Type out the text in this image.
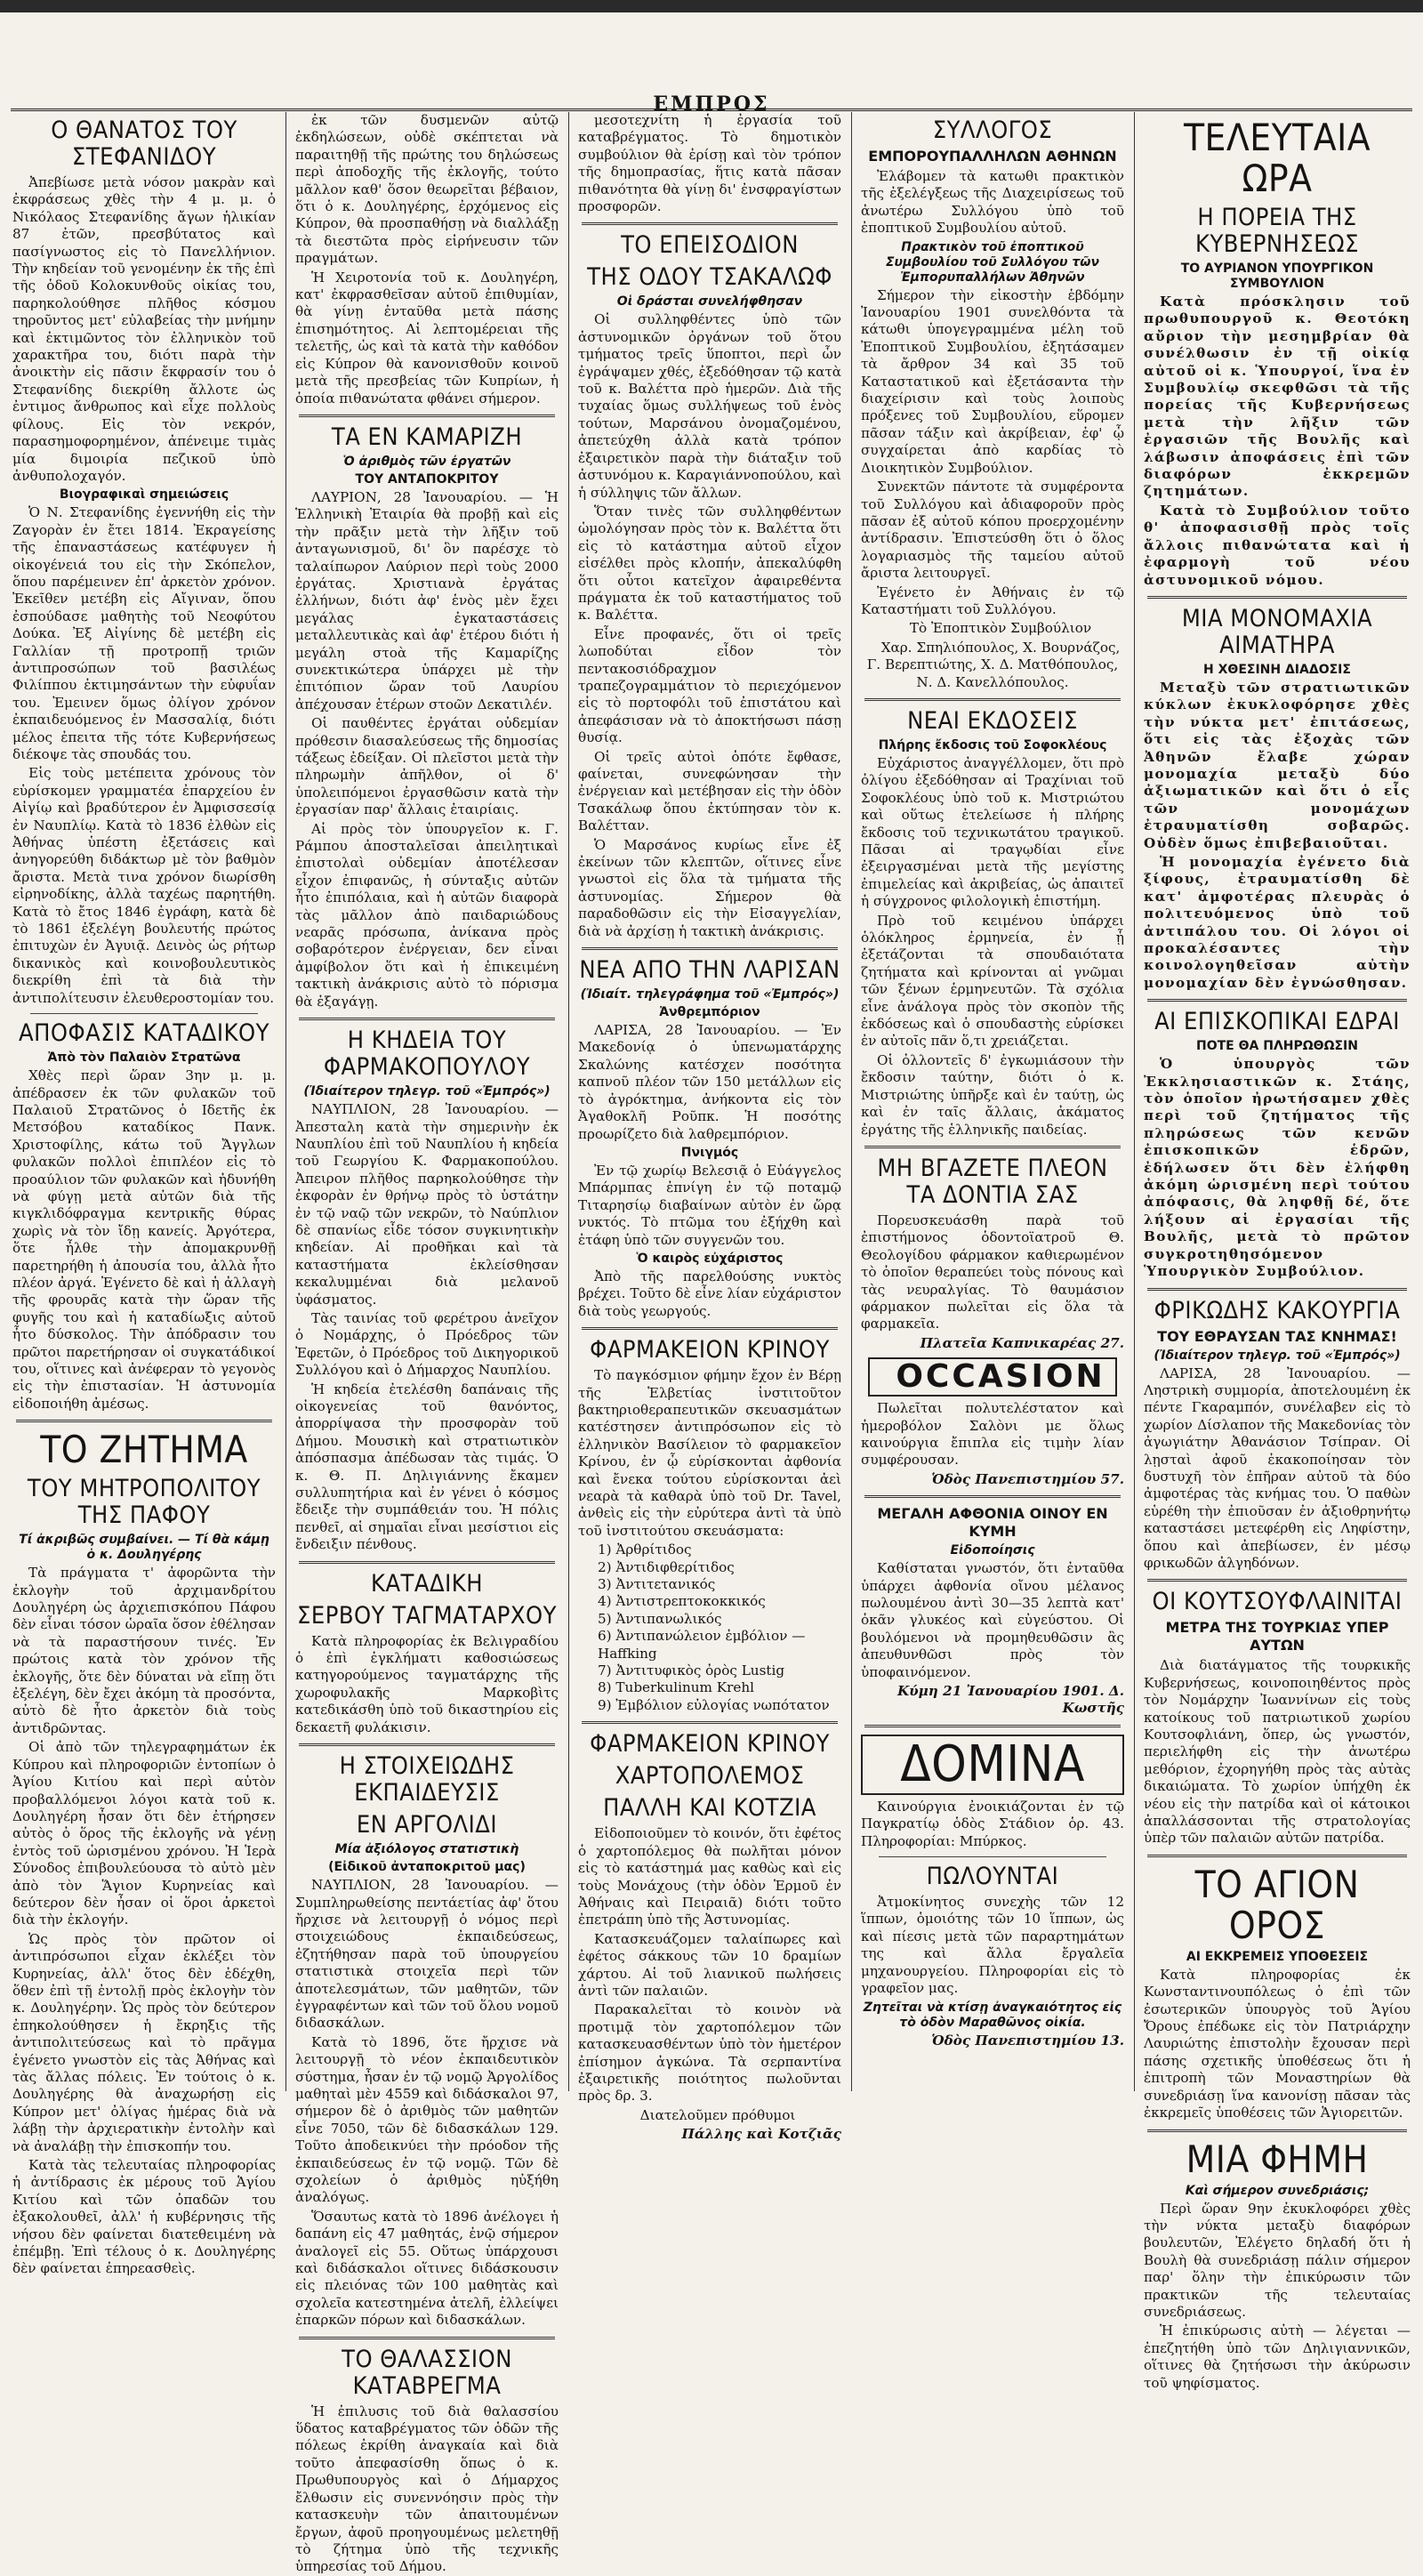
ΕΜΠΡΟΣ
Ο ΘΑΝΑΤΟΣ ΤΟΥ ΣΤΕΦΑΝΙΔΟΥ

Ἀπεβίωσε μετὰ νόσον μακρὰν καὶ ἐκφράσεως χθὲς τὴν 4 μ. μ. ὁ Νικόλαος Στεφανίδης ἄγων ἡλικίαν 87 ἐτῶν, πρεσβύτατος καὶ πασίγνωστος εἰς τὸ Πανελλήνιον. Τὴν κηδείαν τοῦ γενομένην ἐκ τῆς ἐπὶ τῆς ὁδοῦ Κολοκυνθοῦς οἰκίας του, παρηκολούθησε πλῆθος κόσμου τηροῦντος μετ' εὐλαβείας τὴν μνήμην καὶ ἐκτιμῶντος τὸν ἐλληνικὸν τοῦ χαρακτῆρα του, διότι παρὰ τὴν ἀνοικτὴν εἰς πᾶσιν ἔκφρασίν του ὁ Στεφανίδης διεκρίθη ἄλλοτε ὡς ἐντιμος ἄνθρωπος καὶ εἶχε πολλοὺς φίλους. Εἰς τὸν νεκρόν, παρασημοφορημένον, ἀπένειμε τιμὰς μία διμοιρία πεζικοῦ ὑπὸ ἀνθυπολοχαγόν.

Βιογραφικαὶ σημειώσεις

Ὁ Ν. Στεφανίδης ἐγεννήθη εἰς τὴν Ζαγορὰν ἐν ἔτει 1814. Ἐκραγείσης τῆς ἐπαναστάσεως κατέφυγεν ἡ οἰκογένειά του εἰς τὴν Σκόπελον, ὅπου παρέμεινεν ἐπ' ἀρκετὸν χρόνον. Ἐκεῖθεν μετέβη εἰς Αἴγιναν, ὅπου ἐσπούδασε μαθητὴς τοῦ Νεοφύτου Δούκα. Ἐξ Αἰγίνης δὲ μετέβη εἰς Γαλλίαν τῇ προτροπῇ τριῶν ἀντιπροσώπων τοῦ βασιλέως Φιλίππου ἐκτιμησάντων τὴν εὐφυΐαν του. Ἐμεινεν ὅμως ὀλίγον χρόνον ἐκπαιδευόμενος ἐν Μασσαλίᾳ, διότι μέλος ἐπειτα τῆς τότε Κυβερνήσεως διέκοψε τὰς σπουδάς του.

Εἰς τοὺς μετέπειτα χρόνους τὸν εὑρίσκομεν γραμματέα ἐπαρχείου ἐν Αἰγίῳ καὶ βραδύτερον ἐν Ἀμφισσεσίᾳ ἐν Ναυπλίῳ. Κατὰ τὸ 1836 ἐλθὼν εἰς Ἀθήνας ὑπέστη ἐξετάσεις καὶ ἀνηγορεύθη διδάκτωρ μὲ τὸν βαθμὸν ἄριστα. Μετὰ τινα χρόνον διωρίσθη εἰρηνοδίκης, ἀλλὰ ταχέως παρητήθη. Κατὰ τὸ ἔτος 1846 ἐγράφη, κατὰ δὲ τὸ 1861 ἐξελέγη βουλευτής πρώτος ἐπιτυχὼν ἐν Ἀγυιᾷ. Δεινὸς ὡς ρήτωρ δικανικὸς καὶ κοινοβουλευτικὸς διεκρίθη ἐπὶ τὰ διὰ τὴν ἀντιπολίτευσιν ἐλευθεροστομίαν του.

ΑΠΟΦΑΣΙΣ ΚΑΤΑΔΙΚΟΥ
Ἀπὸ τὸν Παλαιὸν Στρατῶνα

Χθὲς περὶ ὥραν 3ην μ. μ. ἀπέδρασεν ἐκ τῶν φυλακῶν τοῦ Παλαιοῦ Στρατῶνος ὁ Ιδετῆς ἐκ Μετσόβου καταδίκος Πανκ. Χριστοφίλης, κάτω τοῦ Ἄγγλων φυλακῶν πολλοὶ ἐπιπλέον εἰς τὸ προαύλιον τῶν φυλακῶν καὶ ἠδυνήθη νὰ φύγῃ μετὰ αὐτῶν διὰ τῆς κιγκλιδόφραγμα κεντρικῆς θύρας χωρὶς νὰ τὸν ἴδῃ κανείς. Ἀργότερα, ὅτε ἦλθε τὴν ἀπομακρυνθῇ παρετηρήθη ἡ ἀπουσία του, ἀλλὰ ἦτο πλέον ἀργά. Ἐγένετο δὲ καὶ ἡ ἀλλαγὴ τῆς φρουρᾶς κατὰ τὴν ὥραν τῆς φυγῆς του καὶ ἡ καταδίωξις αὐτοῦ ἦτο δύσκολος. Τὴν ἀπόδρασιν του πρῶτοι παρετήρησαν οἱ συγκατάδικοί του, οἵτινες καὶ ἀνέφεραν τὸ γεγονὸς εἰς τὴν ἐπιστασίαν. Ἡ ἀστυνομία εἰδοποιήθη ἀμέσως.

ΤΟ ΖΗΤΗΜΑ
ΤΟΥ ΜΗΤΡΟΠΟΛΙΤΟΥ ΤΗΣ ΠΑΦΟΥ
Τί ἀκριβῶς συμβαίνει. — Τί θὰ κάμῃ ὁ κ. Δουληγέρης

Τὰ πράγματα τ' ἀφορῶντα τὴν ἐκλογὴν τοῦ ἀρχιμανδρίτου Δουληγέρη ὡς ἀρχιεπισκόπου Πάφου δὲν εἶναι τόσον ὡραῖα ὅσον ἐθέλησαν νὰ τὰ παραστήσουν τινές. Ἐν πρώτοις κατὰ τὸν χρόνον τῆς ἐκλογῆς, ὅτε δὲν δύναται νὰ εἴπῃ ὅτι ἐξελέγη, δὲν ἔχει ἀκόμη τὰ προσόντα, αὐτὸ δὲ ἦτο ἀρκετὸν διὰ τοὺς ἀντιδρῶντας.

Οἱ ἀπὸ τῶν τηλεγραφημάτων ἐκ Κύπρου καὶ πληροφοριῶν ἐντοπίων ὁ Ἁγίου Κιτίου καὶ περὶ αὐτὸν προβαλλόμενοι λόγοι κατὰ τοῦ κ. Δουληγέρη ἦσαν ὅτι δὲν ἐτήρησεν αὐτὸς ὁ ὅρος τῆς ἐκλογῆς νὰ γένῃ ἐντὸς τοῦ ὡρισμένου χρόνου. Ἡ Ἱερὰ Σύνοδος ἐπιβουλεύουσα τὸ αὐτὸ μὲν ἀπὸ τὸν Ἅγιον Κυρηνείας καὶ δεύτερον δὲν ἦσαν οἱ ὅροι ἀρκετοὶ διὰ τὴν ἐκλογήν.

Ὡς πρὸς τὸν πρῶτον οἱ ἀντιπρόσωποι εἶχαν ἐκλέξει τὸν Κυρηνείας, ἀλλ' ὅτος δὲν ἐδέχθη, ὅθεν ἐπὶ τῇ ἐντολῇ πρὸς ἐκλογὴν τὸν κ. Δουληγέρην. Ὡς πρὸς τὸν δεύτερον ἐπηκολούθησεν ἡ ἔκρηξις τῆς ἀντιπολιτεύσεως καὶ τὸ πρᾶγμα ἐγένετο γνωστὸν εἰς τὰς Ἀθήνας καὶ τὰς ἄλλας πόλεις. Ἐν τούτοις ὁ κ. Δουληγέρης θὰ ἀναχωρήσῃ εἰς Κύπρον μετ' ὀλίγας ἡμέρας διὰ νὰ λάβῃ τὴν ἀρχιερατικὴν ἐντολὴν καὶ νὰ ἀναλάβῃ τὴν ἐπισκοπήν του.

Κατὰ τὰς τελευταίας πληροφορίας ἡ ἀντίδρασις ἐκ μέρους τοῦ Ἁγίου Κιτίου καὶ τῶν ὀπαδῶν του ἐξακολουθεῖ, ἀλλ' ἡ κυβέρνησις τῆς νήσου δὲν φαίνεται διατεθειμένη νὰ ἐπέμβῃ. Ἐπὶ τέλους ὁ κ. Δουληγέρης δὲν φαίνεται ἐπηρεασθεὶς.

ἐκ τῶν δυσμενῶν αὐτῷ ἐκδηλώσεων, οὐδὲ σκέπτεται νὰ παραιτηθῇ τῆς πρώτης του δηλώσεως περὶ ἀποδοχῆς τῆς ἐκλογῆς, τούτο μᾶλλον καθ' ὅσον θεωρεῖται βέβαιον, ὅτι ὁ κ. Δουληγέρης, ἐρχόμενος εἰς Κύπρον, θὰ προσπαθήσῃ νὰ διαλλάξῃ τὰ διεστῶτα πρὸς εἰρήνευσιν τῶν πραγμάτων.

Ἡ Χειροτονία τοῦ κ. Δουληγέρη, κατ' ἐκφρασθεῖσαν αὐτοῦ ἐπιθυμίαν, θὰ γίνῃ ἐνταῦθα μετὰ πάσης ἐπισημότητος. Αἱ λεπτομέρειαι τῆς τελετῆς, ὡς καὶ τὰ κατὰ τὴν καθόδον εἰς Κύπρον θὰ κανονισθοῦν κοινοῦ μετὰ τῆς πρεσβείας τῶν Κυπρίων, ἡ ὁποία πιθανώτατα φθάνει σήμερον.

ΤΑ ΕΝ ΚΑΜΑΡΙΖΗ
Ὁ ἀριθμὸς τῶν ἐργατῶν
ΤΟΥ ΑΝΤΑΠΟΚΡΙΤΟΥ

ΛΑΥΡΙΟΝ, 28 Ἰανουαρίου. — Ἡ Ἑλληνικὴ Ἑταιρία θὰ προβῇ καὶ εἰς τὴν πρᾶξιν μετὰ τὴν λῆξιν τοῦ ἀνταγωνισμοῦ, δι' ὃν παρέσχε τὸ ταλαίπωρον Λαύριον περὶ τοὺς 2000 ἐργάτας. Χριστιανὰ ἐργάτας ἐλλήνων, διότι ἀφ' ἑνὸς μὲν ἔχει μεγάλας ἐγκαταστάσεις μεταλλευτικὰς καὶ ἀφ' ἑτέρου διότι ἡ μεγάλη στοὰ τῆς Καμαρίζης συνεκτικώτερα ὑπάρχει μὲ τὴν ἐπιτόπιον ὥραν τοῦ Λαυρίου ἀπέχουσαν ἑτέρων στοῶν Δεκατιλέν.

Οἱ παυθέντες ἐργάται οὐδεμίαν πρόθεσιν διασαλεύσεως τῆς δημοσίας τάξεως ἐδείξαν. Οἱ πλεῖστοι μετὰ τὴν πληρωμὴν ἀπῆλθον, οἱ δ' ὑπολειπόμενοι ἐργασθῶσιν κατὰ τὴν ἐργασίαν παρ' ἄλλαις ἑταιρίαις.

Αἱ πρὸς τὸν ὑπουργεῖον κ. Γ. Ράμπου ἀποσταλεῖσαι ἀπειλητικαὶ ἐπιστολαὶ οὐδεμίαν ἀποτέλεσαν εἶχον ἐπιφανῶς, ἡ σύνταξις αὐτῶν ἦτο ἐπιπόλαια, καὶ ἡ αὐτῶν διαφορὰ τὰς μᾶλλον ἀπὸ παιδαριώδους νεαρᾶς πρόσωπα, ἀνίκανα πρὸς σοβαρότερον ἐνέργειαν, δεν εἶναι ἀμφίβολον ὅτι καὶ ἡ ἐπικειμένη τακτικὴ ἀνάκρισις αὐτὸ τὸ πόρισμα θὰ ἐξαγάγῃ.

Η ΚΗΔΕΙΑ ΤΟΥ ΦΑΡΜΑΚΟΠΟΥΛΟΥ
(Ἰδιαίτερον τηλεγρ. τοῦ «Ἐμπρός»)

ΝΑΥΠΛΙΟΝ, 28 Ἰανουαρίου. — Ἀπεσταλη κατὰ τὴν σημερινὴν ἐκ Ναυπλίου ἐπὶ τοῦ Ναυπλίου ἡ κηδεία τοῦ Γεωργίου Κ. Φαρμακοπούλου. Ἀπειρον πλῆθος παρηκολούθησε τὴν ἐκφορὰν ἐν θρήνῳ πρὸς τὸ ὑστάτην ἐν τῷ ναῷ τῶν νεκρῶν, τὸ Ναύπλιον δὲ σπανίως εἶδε τόσον συγκινητικὴν κηδείαν. Αἱ προθῆκαι καὶ τὰ καταστήματα ἐκλείσθησαν κεκαλυμμέναι διὰ μελανοῦ ὑφάσματος.

Τὰς ταινίας τοῦ φερέτρου ἀνεῖχον ὁ Νομάρχης, ὁ Πρόεδρος τῶν Ἐφετῶν, ὁ Πρόεδρος τοῦ Δικηγορικοῦ Συλλόγου καὶ ὁ Δήμαρχος Ναυπλίου.

Ἡ κηδεία ἐτελέσθη δαπάναις τῆς οἰκογενείας τοῦ θανόντος, ἀπορρίψασα τὴν προσφορὰν τοῦ Δήμου. Μουσικὴ καὶ στρατιωτικὸν ἀπόσπασμα ἀπέδωσαν τὰς τιμάς. Ὁ κ. Θ. Π. Δηλιγιάννης ἔκαμεν συλλυπητήρια καὶ ἐν γένει ὁ κόσμος ἔδειξε τὴν συμπάθειάν του. Ἡ πόλις πενθεῖ, αἱ σημαῖαι εἶναι μεσίστιοι εἰς ἔνδειξιν πένθους.

ΚΑΤΑΔΙΚΗ
ΣΕΡΒΟΥ ΤΑΓΜΑΤΑΡΧΟΥ

Κατὰ πληροφορίας ἐκ Βελιγραδίου ὁ ἐπὶ ἐγκλήματι καθοσιώσεως κατηγορούμενος ταγματάρχης τῆς χωροφυλακῆς Μαρκοβὶτς κατεδικάσθη ὑπὸ τοῦ δικαστηρίου εἰς δεκαετῆ φυλάκισιν.

Η ΣΤΟΙΧΕΙΩΔΗΣ ΕΚΠΑΙΔΕΥΣΙΣ
ΕΝ ΑΡΓΟΛΙΔΙ
Μία ἀξιόλογος στατιστικὴ
(Εἰδικοῦ ἀνταποκριτοῦ μας)

ΝΑΥΠΛΙΟΝ, 28 Ἰανουαρίου. — Συμπληρωθείσης πεντάετίας ἀφ' ὅτου ἤρχισε νὰ λειτουργῇ ὁ νόμος περὶ στοιχειώδους ἐκπαιδεύσεως, ἐζητήθησαν παρὰ τοῦ ὑπουργείου στατιστικὰ στοιχεῖα περὶ τῶν ἀποτελεσμάτων, τῶν μαθητῶν, τῶν ἐγγραφέντων καὶ τῶν τοῦ ὅλου νομοῦ διδασκάλων.

Κατὰ τὸ 1896, ὅτε ἤρχισε νὰ λειτουργῇ τὸ νέον ἐκπαιδευτικὸν σύστημα, ἦσαν ἐν τῷ νομῷ Ἀργολίδος μαθηταὶ μὲν 4559 καὶ διδάσκαλοι 97, σήμερον δὲ ὁ ἀριθμὸς τῶν μαθητῶν εἶνε 7050, τῶν δὲ διδασκάλων 129. Τοῦτο ἀποδεικνύει τὴν πρόοδον τῆς ἐκπαιδεύσεως ἐν τῷ νομῷ. Τῶν δὲ σχολείων ὁ ἀριθμὸς ηὐξήθη ἀναλόγως.

Ὅσαυτως κατὰ τὸ 1896 ἀνέλογει ἡ δαπάνη εἰς 47 μαθητάς, ἐνῷ σήμερον ἀναλογεῖ εἰς 55. Οὕτως ὑπάρχουσι καὶ διδάσκαλοι οἵτινες διδάσκουσιν εἰς πλειόνας τῶν 100 μαθητὰς καὶ σχολεῖα κατεστημένα ἀτελῆ, ἐλλείψει ἐπαρκῶν πόρων καὶ διδασκάλων.

ΤΟ ΘΑΛΑΣΣΙΟΝ ΚΑΤΑΒΡΕΓΜΑ

Ἡ ἐπιλυσις τοῦ διὰ θαλασσίου ὕδατος καταβρέγματος τῶν ὁδῶν τῆς πόλεως ἐκρίθη ἀναγκαία καὶ διὰ τοῦτο ἀπεφασίσθη ὅπως ὁ κ. Πρωθυπουργὸς καὶ ὁ Δήμαρχος ἔλθωσιν εἰς συνεννόησιν πρὸς τὴν κατασκευὴν τῶν ἀπαιτουμένων ἔργων, ἀφοῦ προηγουμένως μελετηθῇ τὸ ζήτημα ὑπὸ τῆς τεχνικῆς ὑπηρεσίας τοῦ Δήμου.

μεσοτεχνίτη ἡ ἐργασία τοῦ καταβρέγματος. Τὸ δημοτικὸν συμβούλιον θὰ ἐρίσῃ καὶ τὸν τρόπον τῆς δημοπρασίας, ἥτις κατὰ πᾶσαν πιθανότητα θὰ γίνῃ δι' ἐνσφραγίστων προσφορῶν.

ΤΟ ΕΠΕΙΣΟΔΙΟΝ
ΤΗΣ ΟΔΟΥ ΤΣΑΚΑΛΩΦ
Οἱ δράσται συνελήφθησαν

Οἱ συλληφθέντες ὑπὸ τῶν ἀστυνομικῶν ὀργάνων τοῦ ὅτου τμήματος τρεῖς ὕποπτοι, περὶ ὧν ἐγράψαμεν χθές, ἐξεδόθησαν τῷ κατὰ τοῦ κ. Βαλέττα πρὸ ἡμερῶν. Διὰ τῆς τυχαίας ὅμως συλλήψεως τοῦ ἑνὸς τούτων, Μαρσάνου ὀνομαζομένου, ἀπετεύχθη ἀλλὰ κατὰ τρόπον ἐξαιρετικὸν παρὰ τὴν διάταξιν τοῦ ἀστυνόμου κ. Καραγιάννοπούλου, καὶ ἡ σύλληψις τῶν ἄλλων.

Ὅταν τινὲς τῶν συλληφθέντων ὡμολόγησαν πρὸς τὸν κ. Βαλέττα ὅτι εἰς τὸ κατάστημα αὐτοῦ εἶχον εἰσέλθει πρὸς κλοπήν, ἀπεκαλύφθη ὅτι οὗτοι κατεῖχον ἀφαιρεθέντα πράγματα ἐκ τοῦ καταστήματος τοῦ κ. Βαλέττα.

Εἶνε προφανές, ὅτι οἱ τρεῖς λωποδύται εἶδον τὸν πεντακοσιόδραχμον τραπεζογραμμάτιον τὸ περιεχόμενον εἰς τὸ πορτοφόλι τοῦ ἐπιστάτου καὶ ἀπεφάσισαν νὰ τὸ ἀποκτήσωσι πάσῃ θυσίᾳ.

Οἱ τρεῖς αὐτοὶ ὁπότε ἔφθασε, φαίνεται, συνεφώνησαν τὴν ἐνέργειαν καὶ μετέβησαν εἰς τὴν ὁδὸν Τσακάλωφ ὅπου ἐκτύπησαν τὸν κ. Βαλέτταν.

Ὁ Μαρσάνος κυρίως εἶνε ἐξ ἐκείνων τῶν κλεπτῶν, οἵτινες εἶνε γνωστοὶ εἰς ὅλα τὰ τμήματα τῆς ἀστυνομίας. Σήμερον θὰ παραδοθῶσιν εἰς τὴν Εἰσαγγελίαν, διὰ νὰ ἀρχίσῃ ἡ τακτικὴ ἀνάκρισις.

ΝΕΑ ΑΠΟ ΤΗΝ ΛΑΡΙΣΑΝ
(Ἰδιαίτ. τηλεγράφημα τοῦ «Ἐμπρός»)
Ἀνθρεμπόριον

ΛΑΡΙΣΑ, 28 Ἰανουαρίου. — Ἐν Μακεδονίᾳ ὁ ὑπενωματάρχης Σκαλώνης κατέσχεν ποσότητα καπνοῦ πλέον τῶν 150 μετάλλων εἰς τὸ ἀγρόκτημα, ἀνήκοντα εἰς τὸν Ἀγαθοκλῆ Ροῦπκ. Ἡ ποσότης προωρίζετο διὰ λαθρεμπόριον.

Πνιγμός

Ἐν τῷ χωρίῳ Βελεσιᾷ ὁ Εὐάγγελος Μπάρμπας ἐπνίγη ἐν τῷ ποταμῷ Τιταρησίῳ διαβαίνων αὐτὸν ἐν ὥρᾳ νυκτός. Τὸ πτῶμα του ἐξήχθη καὶ ἐτάφη ὑπὸ τῶν συγγενῶν του.

Ὁ καιρὸς εὐχάριστος

Ἀπὸ τῆς παρελθούσης νυκτὸς βρέχει. Τοῦτο δὲ εἶνε λίαν εὐχάριστον διὰ τοὺς γεωργούς.

ΦΑΡΜΑΚΕΙΟΝ ΚΡΙΝΟΥ

Τὸ παγκόσμιον φήμην ἔχον ἐν Βέρῃ τῆς Ἑλβετίας ἰνστιτοῦτον βακτηριοθεραπευτικῶν σκευασμάτων κατέστησεν ἀντιπρόσωπον εἰς τὸ ἐλληνικὸν Βασίλειον τὸ φαρμακεῖον Κρίνου, ἐν ᾧ εὑρίσκονται ἀφθονία καὶ ἔνεκα τούτου εὑρίσκονται ἀεὶ νεαρὰ τὰ καθαρὰ ὑπὸ τοῦ Dr. Tavel, ἀνθεὶς εἰς τὴν εὐρύτερα ἀντὶ τὰ ὑπὸ τοῦ ἰνστιτούτου σκευάσματα:

1) Ἀρθρίτιδος
2) Ἀντιδιφθερίτιδος
3) Ἀντιτετανικός
4) Ἀντιστρεπτοκοκκικός
5) Ἀντιπανωλικός
6) Ἀντιπανώλειον ἐμβόλιον — Haffking
7) Ἀντιτυφικὸς ὀρὸς Lustig
8) Tuberkulinum Krehl
9) Ἐμβόλιον εὐλογίας νωπότατον
ΦΑΡΜΑΚΕΙΟΝ ΚΡΙΝΟΥ
ΧΑΡΤΟΠΟΛΕΜΟΣ
ΠΑΛΛΗ ΚΑΙ ΚΟΤΖΙΑ

Εἰδοποιοῦμεν τὸ κοινόν, ὅτι ἐφέτος ὁ χαρτοπόλεμος θὰ πωλῆται μόνον εἰς τὸ κατάστημά μας καθὼς καὶ εἰς τοὺς Μονάχους (τὴν ὁδὸν Ἑρμοῦ ἐν Ἀθήναις καὶ Πειραιᾶ) διότι τοῦτο ἐπετράπη ὑπὸ τῆς Ἀστυνομίας.

Κατασκευάζομεν ταλαίπωρες καὶ ἐφέτος σάκκους τῶν 10 δραμίων χάρτου. Αἱ τοῦ λιανικοῦ πωλήσεις ἀντὶ τῶν παλαιῶν.

Παρακαλεῖται τὸ κοινὸν νὰ προτιμᾷ τὸν χαρτοπόλεμον τῶν κατασκευασθέντων ὑπὸ τὸν ἡμετέρον ἐπίσημον ἀγκώνα. Τὰ σερπαντίνα ἐξαιρετικῆς ποιότητος πωλοῦνται πρὸς δρ. 3.

Διατελοῦμεν πρόθυμοι

Πάλλης καὶ Κοτζιᾶς

ΣΥΛΛΟΓΟΣ
ΕΜΠΟΡΟΥΠΑΛΛΗΛΩΝ ΑΘΗΝΩΝ

Ἐλάβομεν τὰ κατωθι πρακτικὸν τῆς ἐξελέγξεως τῆς Διαχειρίσεως τοῦ ἀνωτέρω Συλλόγου ὑπὸ τοῦ ἐποπτικοῦ Συμβουλίου αὐτοῦ.

Πρακτικὸν τοῦ ἐποπτικοῦ Συμβουλίου τοῦ Συλλόγου τῶν Ἐμπορυπαλλήλων Ἀθηνῶν

Σήμερον τὴν εἰκοστὴν ἑβδόμην Ἰανουαρίου 1901 συνελθόντα τὰ κάτωθι ὑπογεγραμμένα μέλη τοῦ Ἐποπτικοῦ Συμβουλίου, ἐξητάσαμεν τὰ ἄρθρον 34 καὶ 35 τοῦ Καταστατικοῦ καὶ ἐξετάσαντα τὴν διαχείρισιν καὶ τοὺς λοιποὺς πρόξενες τοῦ Συμβουλίου, εὕρομεν πᾶσαν τάξιν καὶ ἀκρίβειαν, ἐφ' ᾧ συγχαίρεται ἀπὸ καρδίας τὸ Διοικητικὸν Συμβούλιον.

Συνεκτῶν πάντοτε τὰ συμφέροντα τοῦ Συλλόγου καὶ ἀδιαφοροῦν πρὸς πᾶσαν ἐξ αὐτοῦ κόπου προερχομένην ἀντίδρασιν. Ἐπιστεύσθη ὅτι ὁ ὅλος λογαριασμὸς τῆς ταμείου αὐτοῦ ἄριστα λειτουργεῖ.

Ἐγένετο ἐν Ἀθήναις ἐν τῷ Καταστήματι τοῦ Συλλόγου.

Τὸ Ἐποπτικὸν Συμβούλιον

Χαρ. Σπηλιόπουλος, Χ. Βουρνάζος, Γ. Βερεπτιώτης, Χ. Δ. Ματθόπουλος, Ν. Δ. Κανελλόπουλος.

ΝΕΑΙ ΕΚΔΟΣΕΙΣ
Πλήρης ἔκδοσις τοῦ Σοφοκλέους

Εὐχάριστος ἀναγγέλλομεν, ὅτι πρὸ ὀλίγου ἐξεδόθησαν αἱ Τραχίνιαι τοῦ Σοφοκλέους ὑπὸ τοῦ κ. Μιστριώτου καὶ οὕτως ἐτελείωσε ἡ πλήρης ἔκδοσις τοῦ τεχνικωτάτου τραγικοῦ. Πᾶσαι αἱ τραγῳδίαι εἶνε ἐξειργασμέναι μετὰ τῆς μεγίστης ἐπιμελείας καὶ ἀκριβείας, ὡς ἀπαιτεῖ ἡ σύγχρονος φιλολογικὴ ἐπιστήμη.

Πρὸ τοῦ κειμένου ὑπάρχει ὁλόκληρος ἐρμηνεία, ἐν ᾗ ἐξετάζονται τὰ σπουδαιότατα ζητήματα καὶ κρίνονται αἱ γνῶμαι τῶν ξένων ἑρμηνευτῶν. Τὰ σχόλια εἶνε ἀνάλογα πρὸς τὸν σκοπὸν τῆς ἐκδόσεως καὶ ὁ σπουδαστὴς εὑρίσκει ἐν αὐτοῖς πᾶν ὅ,τι χρειάζεται.

Οἱ ὀλλοντεῖς δ' ἐγκωμιάσουν τὴν ἔκδοσιν ταύτην, διότι ὁ κ. Μιστριώτης ὑπῆρξε καὶ ἐν ταύτῃ, ὡς καὶ ἐν ταῖς ἄλλαις, ἀκάματος ἐργάτης τῆς ἑλληνικῆς παιδείας.

ΜΗ ΒΓΑΖΕΤΕ ΠΛΕΟΝ ΤΑ ΔΟΝΤΙΑ ΣΑΣ

Πορευσκευάσθη παρὰ τοῦ ἐπιστήμονος ὁδοντοϊατροῦ Θ. Θεολογίδου φάρμακον καθιερωμένον τὸ ὁποῖον θεραπεύει τοὺς πόνους καὶ τὰς νευραλγίας. Τὸ θαυμάσιον φάρμακον πωλεῖται εἰς ὅλα τὰ φαρμακεῖα.

Πλατεῖα Καπνικαρέας 27.

OCCASION

Πωλεῖται πολυτελέστατον καὶ ἡμεροβόλον Σαλὸνι με ὅλως καινούργια ἔπιπλα εἰς τιμὴν λίαν συμφέρουσαν.

Ὁδὸς Πανεπιστημίου 57.

ΜΕΓΑΛΗ ΑΦΘΟΝΙΑ ΟΙΝΟΥ ΕΝ ΚΥΜΗ
Εἰδοποίησις

Καθίσταται γνωστόν, ὅτι ἐνταῦθα ὑπάρχει ἀφθονία οἴνου μέλανος πωλουμένου ἀντὶ 30—35 λεπτὰ κατ' ὀκᾶν γλυκέος καὶ εὐγεύστου. Οἱ βουλόμενοι νὰ προμηθευθῶσιν ἂς ἀπευθυνθῶσι πρὸς τὸν ὑποφαινόμενον.

Κύμη 21 Ἰανουαρίου 1901. Δ. Κωστῆς

ΔΟΜΙΝΑ

Καινούργια ἐνοικιάζονται ἐν τῷ Παγκρατίῳ ὁδὸς Στάδιον ὁρ. 43. Πληροφορίαι: Μπύρκος.

ΠΩΛΟΥΝΤΑΙ

Ἀτμοκίνητος συνεχὴς τῶν 12 ἵππων, ὁμοιότης τῶν 10 ἵππων, ὡς καὶ πίεσις μετὰ τῶν παραρτημάτων της καὶ ἄλλα ἔργαλεῖα μηχανουργείου. Πληροφορίαι εἰς τὸ γραφεῖον μας.

Ζητεῖται νὰ κτίσῃ ἀναγκαιότητος εἰς τὸ ὁδὸν Μαραθῶνος οἰκία.

Ὁδὸς Πανεπιστημίου 13.

ΤΕΛΕΥΤΑΙΑ ΩΡΑ
Η ΠΟΡΕΙΑ ΤΗΣ ΚΥΒΕΡΝΗΣΕΩΣ
ΤΟ ΑΥΡΙΑΝΟΝ ΥΠΟΥΡΓΙΚΟΝ ΣΥΜΒΟΥΛΙΟΝ

Κατὰ πρόσκλησιν τοῦ πρωθυπουργοῦ κ. Θεοτόκη αὔριον τὴν μεσημβρίαν θὰ συνέλθωσιν ἐν τῇ οἰκίᾳ αὐτοῦ οἱ κ. Ὑπουργοί, ἵνα ἐν Συμβουλίῳ σκεφθῶσι τὰ τῆς πορείας τῆς Κυβερνήσεως μετὰ τὴν λῆξιν τῶν ἐργασιῶν τῆς Βουλῆς καὶ λάβωσιν ἀποφάσεις ἐπὶ τῶν διαφόρων ἐκκρεμῶν ζητημάτων.

Κατὰ τὸ Συμβούλιον τοῦτο θ' ἀποφασισθῇ πρὸς τοῖς ἄλλοις πιθανώτατα καὶ ἡ ἐφαρμογὴ τοῦ νέου ἀστυνομικοῦ νόμου.

ΜΙΑ ΜΟΝΟΜΑΧΙΑ ΑΙΜΑΤΗΡΑ
Η ΧΘΕΣΙΝΗ ΔΙΑΔΟΣΙΣ

Μεταξὺ τῶν στρατιωτικῶν κύκλων ἐκυκλοφόρησε χθὲς τὴν νύκτα μετ' ἐπιτάσεως, ὅτι εἰς τὰς ἐξοχὰς τῶν Ἀθηνῶν ἔλαβε χώραν μονομαχία μεταξὺ δύο ἀξιωματικῶν καὶ ὅτι ὁ εἷς τῶν μονομάχων ἐτραυματίσθη σοβαρῶς. Οὐδὲν ὅμως ἐπιβεβαιοῦται.

Ἡ μονομαχία ἐγένετο διὰ ξίφους, ἐτραυματίσθη δὲ κατ' ἀμφοτέρας πλευρὰς ὁ πολιτευόμενος ὑπὸ τοῦ ἀντιπάλου του. Οἱ λόγοι οἱ προκαλέσαντες τὴν κοινολογηθεῖσαν αὐτὴν μονομαχίαν δὲν ἐγνώσθησαν.

ΑΙ ΕΠΙΣΚΟΠΙΚΑΙ ΕΔΡΑΙ
ΠΟΤΕ ΘΑ ΠΛΗΡΩΘΩΣΙΝ

Ὁ ὑπουργὸς τῶν Ἐκκλησιαστικῶν κ. Στάης, τὸν ὁποῖον ἠρωτήσαμεν χθὲς περὶ τοῦ ζητήματος τῆς πληρώσεως τῶν κενῶν ἐπισκοπικῶν ἑδρῶν, ἐδήλωσεν ὅτι δὲν ἐλήφθη ἀκόμη ὡρισμένη περὶ τούτου ἀπόφασις, θὰ ληφθῇ δέ, ὅτε λήξουν αἱ ἐργασίαι τῆς Βουλῆς, μετὰ τὸ πρῶτον συγκροτηθησόμενον Ὑπουργικὸν Συμβούλιον.

ΦΡΙΚΩΔΗΣ ΚΑΚΟΥΡΓΙΑ
ΤΟΥ ΕΘΡΑΥΣΑΝ ΤΑΣ ΚΝΗΜΑΣ!
(Ἰδιαίτερον τηλεγρ. τοῦ «Ἐμπρός»)

ΛΑΡΙΣΑ, 28 Ἰανουαρίου. — Ληστρικὴ συμμορία, ἀποτελουμένη ἐκ πέντε Γκαραμπόν, συνέλαβεν εἰς τὸ χωρίον Δίσλαπον τῆς Μακεδονίας τὸν ἀγωγιάτην Ἀθανάσιον Τσίπραν. Οἱ λῃσταὶ ἀφοῦ ἐκακοποίησαν τὸν δυστυχῆ τὸν ἐπῆραν αὐτοῦ τὰ δύο ἀμφοτέρας τὰς κνήμας του. Ὁ παθὼν εὑρέθη τὴν ἐπιοῦσαν ἐν ἀξιοθρηνήτῳ καταστάσει μετεφέρθη εἰς Ληφίστην, ὅπου καὶ ἀπεβίωσεν, ἐν μέσῳ φρικωδῶν ἀλγηδόνων.

ΟΙ ΚΟΥΤΣΟΥΦΛΑΙΝΙΤΑΙ
ΜΕΤΡΑ ΤΗΣ ΤΟΥΡΚΙΑΣ ΥΠΕΡ ΑΥΤΩΝ

Διὰ διατάγματος τῆς τουρκικῆς Κυβερνήσεως, κοινοποιηθέντος πρὸς τὸν Νομάρχην Ἰωαννίνων εἰς τοὺς κατοίκους τοῦ πατριωτικοῦ χωρίου Κουτσοφλιάνη, ὅπερ, ὡς γνωστόν, περιελήφθη εἰς τὴν ἀνωτέρω μεθόριον, ἐχορηγήθη πρὸς τὰς αὐτὰς δικαιώματα. Τὸ χωρίον ὑπήχθη ἐκ νέου εἰς τὴν πατρίδα καὶ οἱ κάτοικοι ἀπαλλάσσονται τῆς στρατολογίας ὑπὲρ τῶν παλαιῶν αὐτῶν πατρίδα.

ΤΟ ΑΓΙΟΝ ΟΡΟΣ
ΑΙ ΕΚΚΡΕΜΕΙΣ ΥΠΟΘΕΣΕΙΣ

Κατὰ πληροφορίας ἐκ Κωνσταντινουπόλεως ὁ ἐπὶ τῶν ἐσωτερικῶν ὑπουργὸς τοῦ Ἁγίου Ὄρους ἐπέδωκε εἰς τὸν Πατριάρχην Λαυριώτης ἐπιστολὴν ἔχουσαν περὶ πάσης σχετικῆς ὑποθέσεως ὅτι ἡ ἐπιτροπὴ τῶν Μοναστηρίων θὰ συνεδριάσῃ ἵνα κανονίσῃ πᾶσαν τὰς ἐκκρεμεῖς ὑποθέσεις τῶν Ἁγιορειτῶν.

ΜΙΑ ΦΗΜΗ
Καὶ σήμερον συνεδριάσις;

Περὶ ὥραν 9ην ἐκυκλοφόρει χθὲς τὴν νύκτα μεταξὺ διαφόρων βουλευτῶν, Ἐλέγετο δηλαδή ὅτι ἡ Βουλὴ θὰ συνεδριάσῃ πάλιν σήμερον παρ' ὅλην τὴν ἐπικύρωσιν τῶν πρακτικῶν τῆς τελευταίας συνεδριάσεως.

Ἡ ἐπικύρωσις αὐτὴ — λέγεται — ἐπεζητήθη ὑπὸ τῶν Δηλιγιαννικῶν, οἵτινες θὰ ζητήσωσι τὴν ἀκύρωσιν τοῦ ψηφίσματος.
